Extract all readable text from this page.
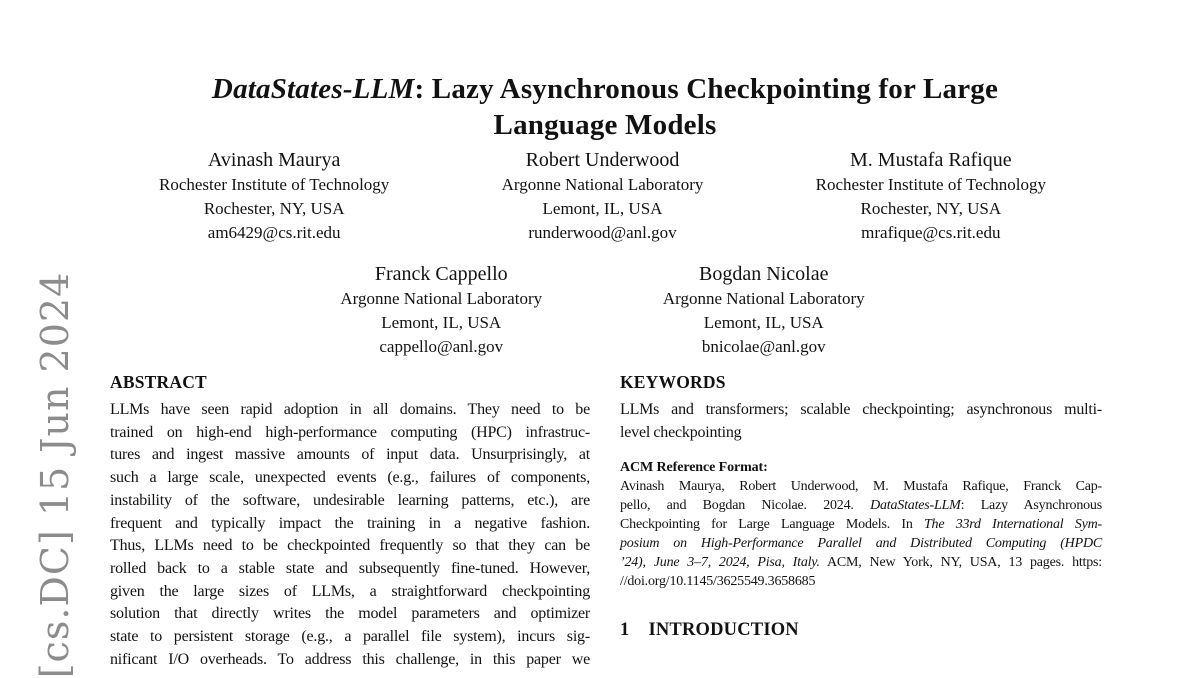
[cs.DC] 15 Jun 2024
DataStates-LLM: Lazy Asynchronous Checkpointing for Large
Language Models
Avinash Maurya
Rochester Institute of Technology
Rochester, NY, USA
am6429@cs.rit.edu
Robert Underwood
Argonne National Laboratory
Lemont, IL, USA
runderwood@anl.gov
M. Mustafa Rafique
Rochester Institute of Technology
Rochester, NY, USA
mrafique@cs.rit.edu
Franck Cappello
Argonne National Laboratory
Lemont, IL, USA
cappello@anl.gov
Bogdan Nicolae
Argonne National Laboratory
Lemont, IL, USA
bnicolae@anl.gov
ABSTRACT
LLMs have seen rapid adoption in all domains. They need to be
trained on high-end high-performance computing (HPC) infrastruc-
tures and ingest massive amounts of input data. Unsurprisingly, at
such a large scale, unexpected events (e.g., failures of components,
instability of the software, undesirable learning patterns, etc.), are
frequent and typically impact the training in a negative fashion.
Thus, LLMs need to be checkpointed frequently so that they can be
rolled back to a stable state and subsequently fine-tuned. However,
given the large sizes of LLMs, a straightforward checkpointing
solution that directly writes the model parameters and optimizer
state to persistent storage (e.g., a parallel file system), incurs sig-
nificant I/O overheads. To address this challenge, in this paper we
KEYWORDS
LLMs and transformers; scalable checkpointing; asynchronous multi-
level checkpointing

ACM Reference Format:

Avinash Maurya, Robert Underwood, M. Mustafa Rafique, Franck Cap-
pello, and Bogdan Nicolae. 2024. DataStates-LLM: Lazy Asynchronous
Checkpointing for Large Language Models. In The 33rd International Sym-
posium on High-Performance Parallel and Distributed Computing (HPDC
’24), June 3–7, 2024, Pisa, Italy. ACM, New York, NY, USA, 13 pages. https:
//doi.org/10.1145/3625549.3658685
1 INTRODUCTION
